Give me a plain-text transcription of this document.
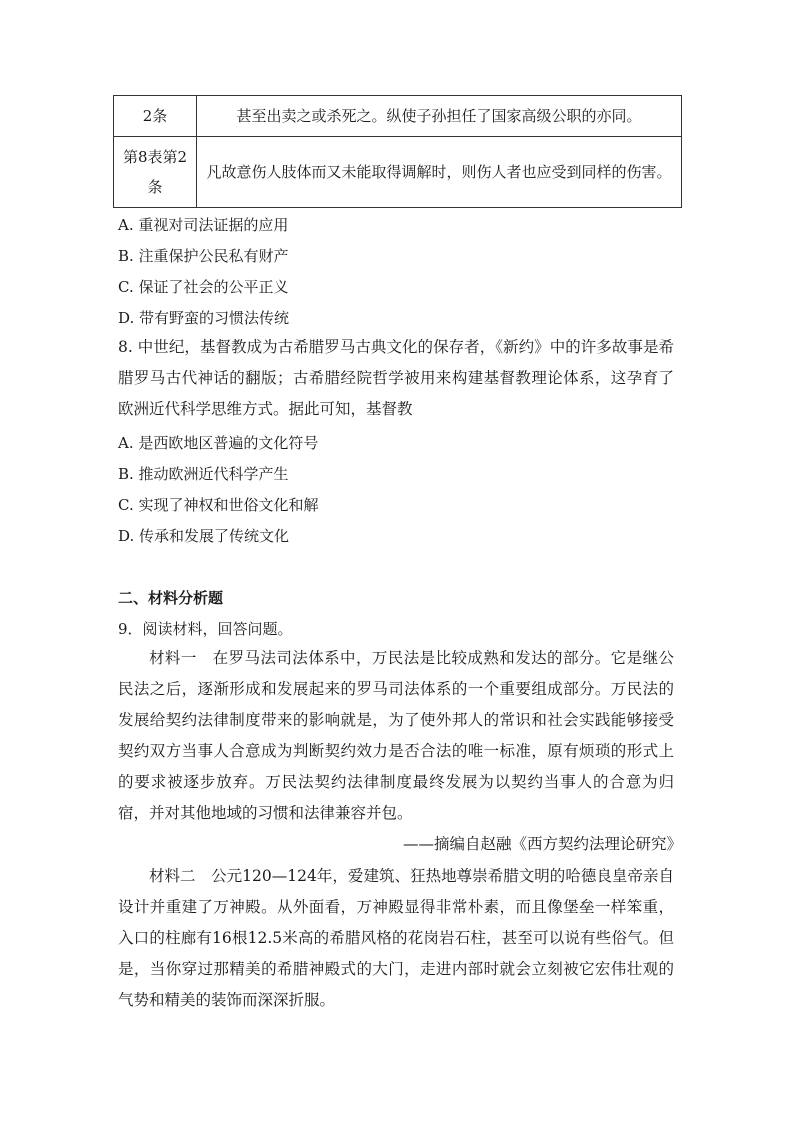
2条	甚至出卖之或杀死之。纵使子孙担任了国家高级公职的亦同。
第8表第2条	凡故意伤人肢体而又未能取得调解时，则伤人者也应受到同样的伤害。
A. 重视对司法证据的应用
B. 注重保护公民私有财产
C. 保证了社会的公平正义
D. 带有野蛮的习惯法传统
8. 中世纪，基督教成为古希腊罗马古典文化的保存者，《新约》中的许多故事是希腊罗马古代神话的翻版；古希腊经院哲学被用来构建基督教理论体系，这孕育了欧洲近代科学思维方式。据此可知，基督教
A. 是西欧地区普遍的文化符号
B. 推动欧洲近代科学产生
C. 实现了神权和世俗文化和解
D. 传承和发展了传统文化
二、材料分析题
9．阅读材料，回答问题。
材料一　在罗马法司法体系中，万民法是比较成熟和发达的部分。它是继公民法之后，逐渐形成和发展起来的罗马司法体系的一个重要组成部分。万民法的发展给契约法律制度带来的影响就是，为了使外邦人的常识和社会实践能够接受契约双方当事人合意成为判断契约效力是否合法的唯一标准，原有烦琐的形式上的要求被逐步放弃。万民法契约法律制度最终发展为以契约当事人的合意为归宿，并对其他地域的习惯和法律兼容并包。
——摘编自赵融《西方契约法理论研究》
材料二　公元120—124年，爱建筑、狂热地尊崇希腊文明的哈德良皇帝亲自设计并重建了万神殿。从外面看，万神殿显得非常朴素，而且像堡垒一样笨重，入口的柱廊有16根12.5米高的希腊风格的花岗岩石柱，甚至可以说有些俗气。但是，当你穿过那精美的希腊神殿式的大门，走进内部时就会立刻被它宏伟壮观的气势和精美的装饰而深深折服。
